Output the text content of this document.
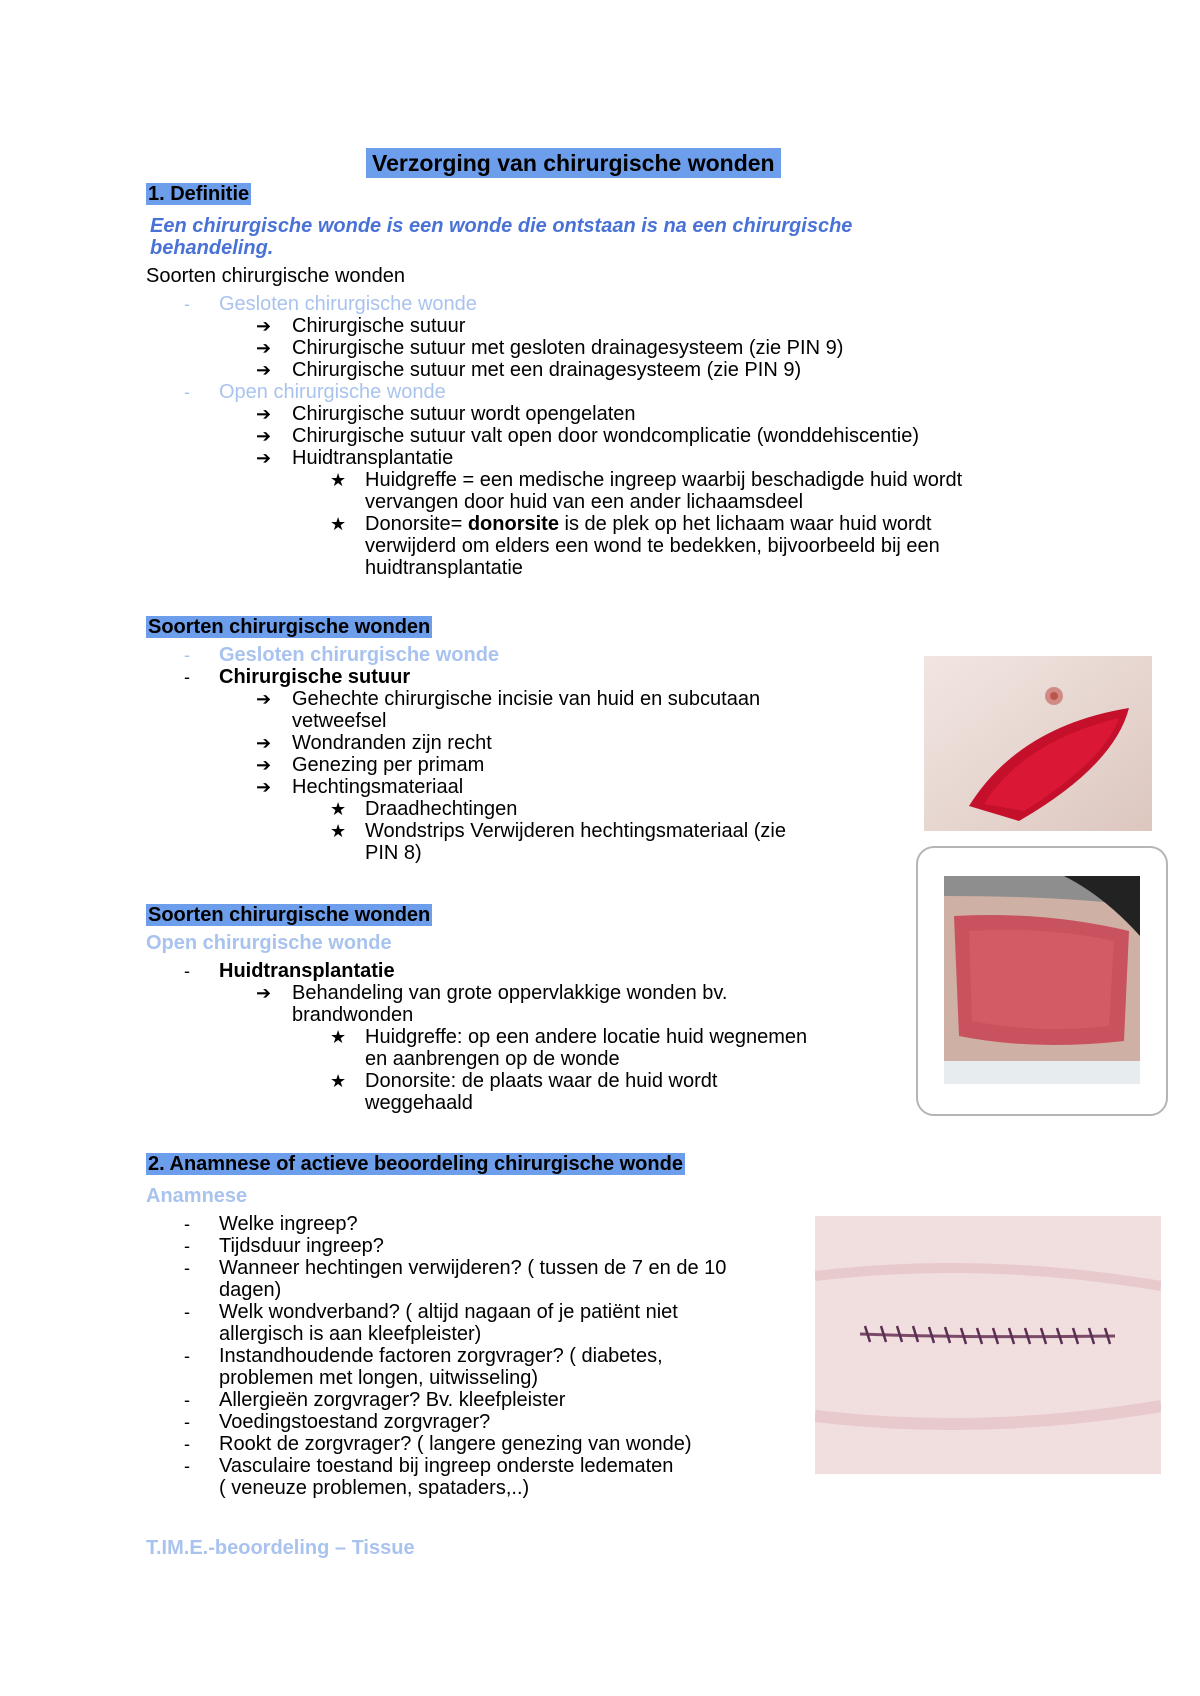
Verzorging van chirurgische wonden
1. Definitie
Een chirurgische wonde is een wonde die ontstaan is na een chirurgische
behandeling.
Soorten chirurgische wonden
- Gesloten chirurgische wonde
➔ Chirurgische sutuur
➔ Chirurgische sutuur met gesloten drainagesysteem (zie PIN 9)
➔ Chirurgische sutuur met een drainagesysteem (zie PIN 9)
- Open chirurgische wonde
➔ Chirurgische sutuur wordt opengelaten
➔ Chirurgische sutuur valt open door wondcomplicatie (wonddehiscentie)
➔ Huidtransplantatie
★ Huidgreffe = een medische ingreep waarbij beschadigde huid wordt
vervangen door huid van een ander lichaamsdeel
★ Donorsite= donorsite is de plek op het lichaam waar huid wordt
verwijderd om elders een wond te bedekken, bijvoorbeeld bij een
huidtransplantatie
Soorten chirurgische wonden
- Gesloten chirurgische wonde
- Chirurgische sutuur
➔ Gehechte chirurgische incisie van huid en subcutaan
vetweefsel
➔ Wondranden zijn recht
➔ Genezing per primam
➔ Hechtingsmateriaal
★ Draadhechtingen
★ Wondstrips Verwijderen hechtingsmateriaal (zie
PIN 8)
Soorten chirurgische wonden
Open chirurgische wonde
- Huidtransplantatie
➔ Behandeling van grote oppervlakkige wonden bv.
brandwonden
★ Huidgreffe: op een andere locatie huid wegnemen
en aanbrengen op de wonde
★ Donorsite: de plaats waar de huid wordt
weggehaald
2. Anamnese of actieve beoordeling chirurgische wonde
Anamnese
- Welke ingreep?
- Tijdsduur ingreep?
- Wanneer hechtingen verwijderen? ( tussen de 7 en de 10
dagen)
- Welk wondverband? ( altijd nagaan of je patiënt niet
allergisch is aan kleefpleister)
- Instandhoudende factoren zorgvrager? ( diabetes,
problemen met longen, uitwisseling)
- Allergieën zorgvrager? Bv. kleefpleister
- Voedingstoestand zorgvrager?
- Rookt de zorgvrager? ( langere genezing van wonde)
- Vasculaire toestand bij ingreep onderste ledematen
( veneuze problemen, spataders,..)
T.IM.E.-beoordeling – Tissue
